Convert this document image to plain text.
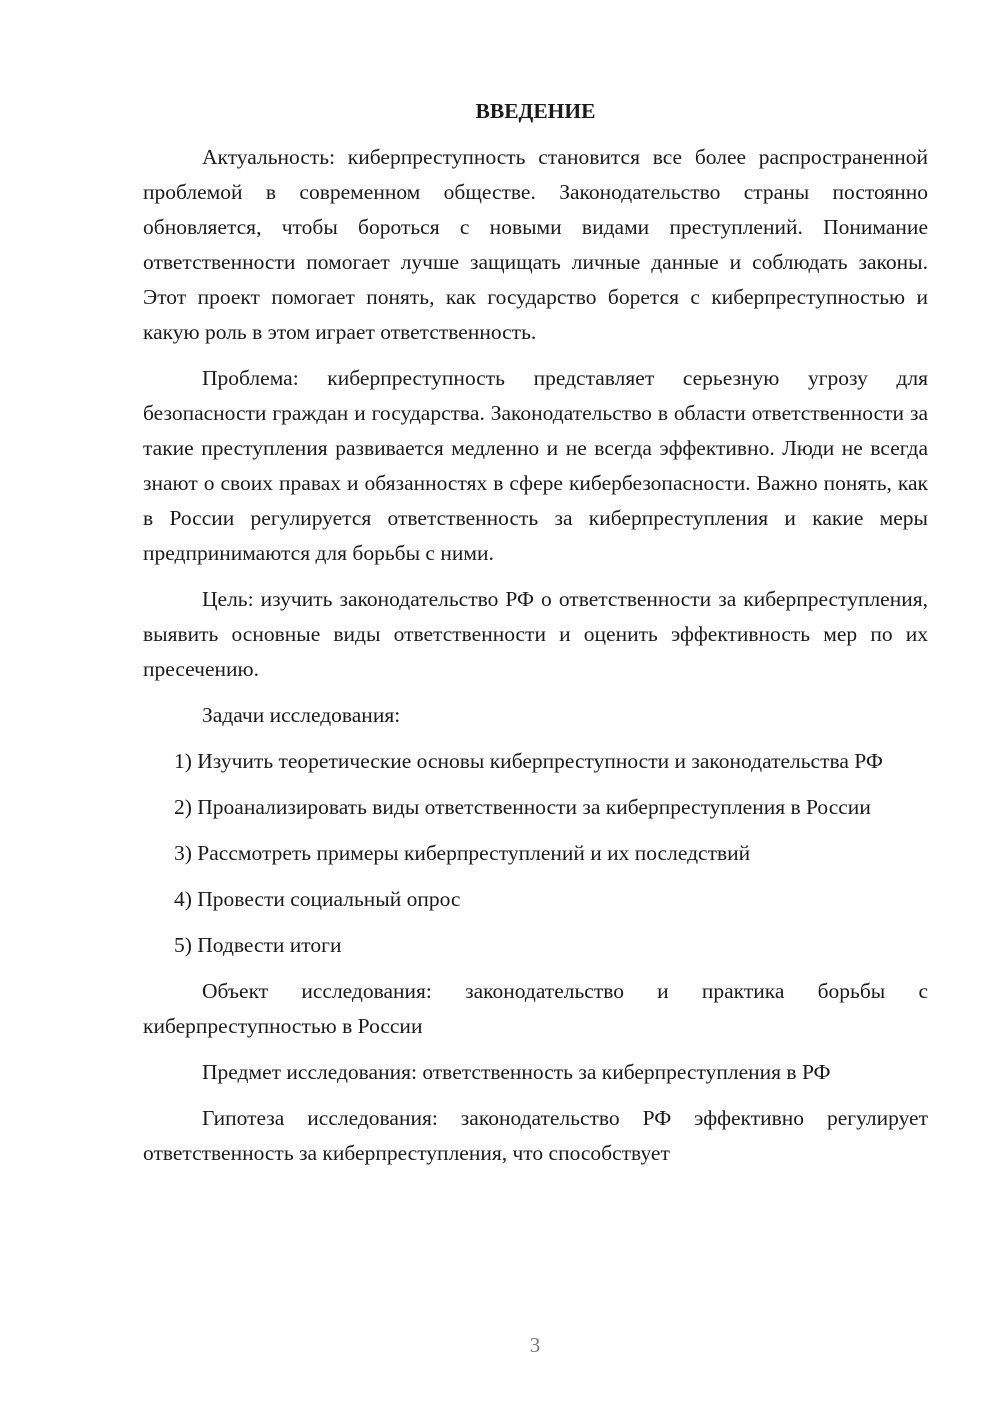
ВВЕДЕНИЕ

Актуальность: киберпреступность становится все более распространенной проблемой в современном обществе. Законодательство страны постоянно обновляется, чтобы бороться с новыми видами преступлений. Понимание ответственности помогает лучше защищать личные данные и соблюдать законы. Этот проект помогает понять, как государство борется с киберпреступностью и какую роль в этом играет ответственность.

Проблема: киберпреступность представляет серьезную угрозу для безопасности граждан и государства. Законодательство в области ответственности за такие преступления развивается медленно и не всегда эффективно. Люди не всегда знают о своих правах и обязанностях в сфере кибербезопасности. Важно понять, как в России регулируется ответственность за киберпреступления и какие меры предпринимаются для борьбы с ними.

Цель: изучить законодательство РФ о ответственности за киберпреступления, выявить основные виды ответственности и оценить эффективность мер по их пресечению.

Задачи исследования:

1) Изучить теоретические основы киберпреступности и законодательства РФ

2) Проанализировать виды ответственности за киберпреступления в России

3) Рассмотреть примеры киберпреступлений и их последствий

4) Провести социальный опрос

5) Подвести итоги

Объект исследования: законодательство и практика борьбы с киберпреступностью в России

Предмет исследования: ответственность за киберпреступления в РФ

Гипотеза исследования: законодательство РФ эффективно регулирует ответственность за киберпреступления, что способствует

3
